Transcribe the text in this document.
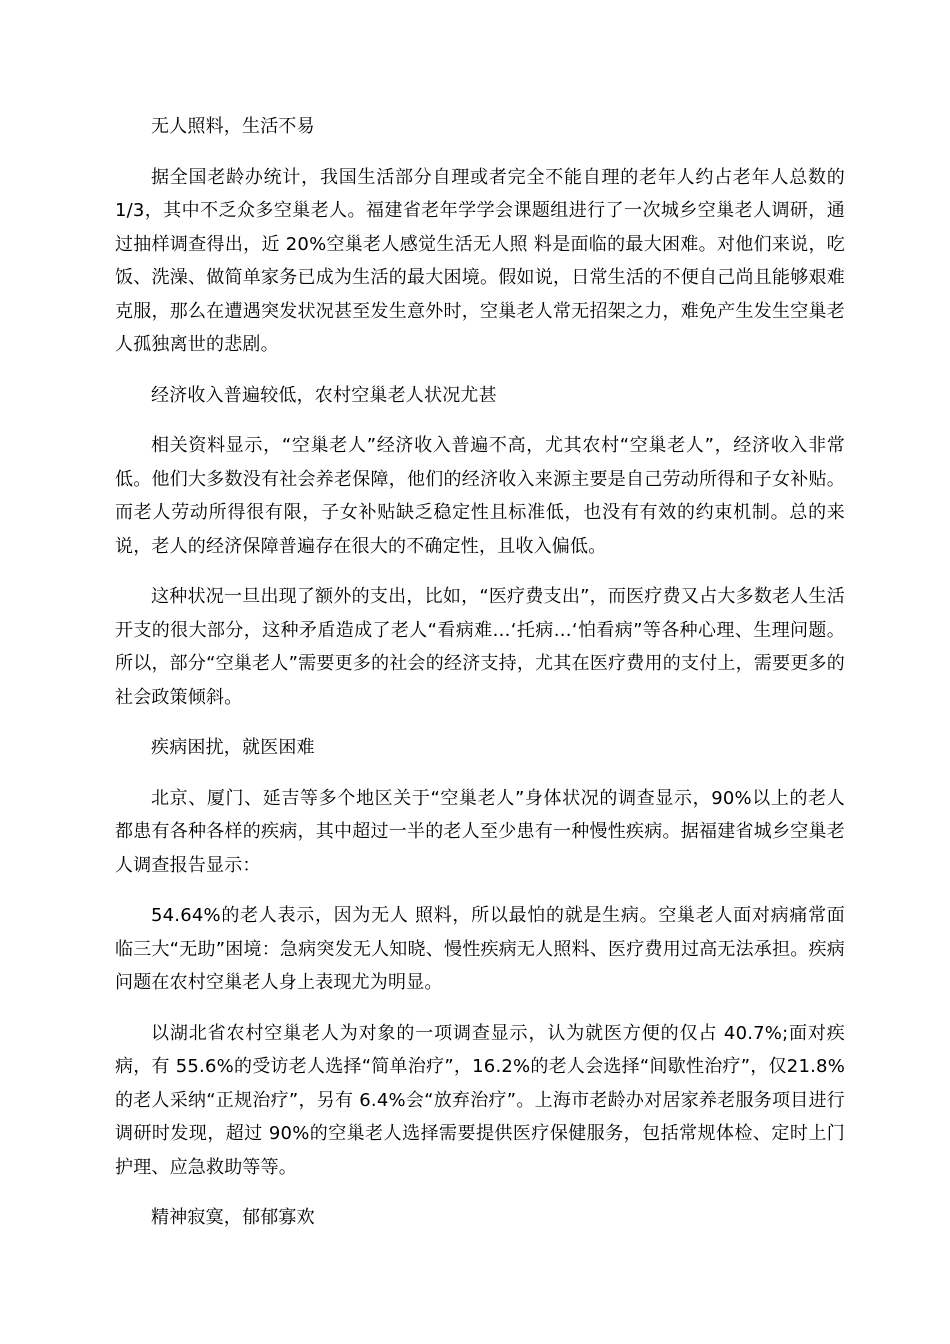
无人照料，生活不易
据全国老龄办统计，我国生活部分自理或者完全不能自理的老年人约占老年人总数的 1/3，其中不乏众多空巢老人。福建省老年学学会课题组进行了一次城乡空巢老人调研，通过抽样调查得出，近 20%空巢老人感觉生活无人照 料是面临的最大困难。对他们来说，吃饭、洗澡、做简单家务已成为生活的最大困境。假如说，日常生活的不便自己尚且能够艰难克服，那么在遭遇突发状况甚至发生意外时，空巢老人常无招架之力，难免产生发生空巢老人孤独离世的悲剧。
经济收入普遍较低，农村空巢老人状况尤甚
相关资料显示，“空巢老人”经济收入普遍不高，尤其农村“空巢老人”，经济收入非常低。他们大多数没有社会养老保障，他们的经济收入来源主要是自己劳动所得和子女补贴。而老人劳动所得很有限，子女补贴缺乏稳定性且标准低，也没有有效的约束机制。总的来说，老人的经济保障普遍存在很大的不确定性，且收入偏低。
这种状况一旦出现了额外的支出，比如，“医疗费支出”，而医疗费又占大多数老人生活开支的很大部分，这种矛盾造成了老人“看病难…‘托病…‘怕看病”等各种心理、生理问题。所以，部分“空巢老人”需要更多的社会的经济支持，尤其在医疗费用的支付上，需要更多的社会政策倾斜。
疾病困扰，就医困难
北京、厦门、延吉等多个地区关于“空巢老人”身体状况的调查显示，90%以上的老人都患有各种各样的疾病，其中超过一半的老人至少患有一种慢性疾病。据福建省城乡空巢老人调查报告显示：
54.64%的老人表示，因为无人 照料，所以最怕的就是生病。空巢老人面对病痛常面临三大“无助”困境：急病突发无人知晓、慢性疾病无人照料、医疗费用过高无法承担。疾病问题在农村空巢老人身上表现尤为明显。
以湖北省农村空巢老人为对象的一项调查显示，认为就医方便的仅占 40.7%;面对疾病，有 55.6%的受访老人选择“简单治疗”，16.2%的老人会选择“间歇性治疗”，仅21.8%的老人采纳“正规治疗”，另有 6.4%会“放弃治疗”。上海市老龄办对居家养老服务项目进行调研时发现，超过 90%的空巢老人选择需要提供医疗保健服务，包括常规体检、定时上门护理、应急救助等等。
精神寂寞，郁郁寡欢
